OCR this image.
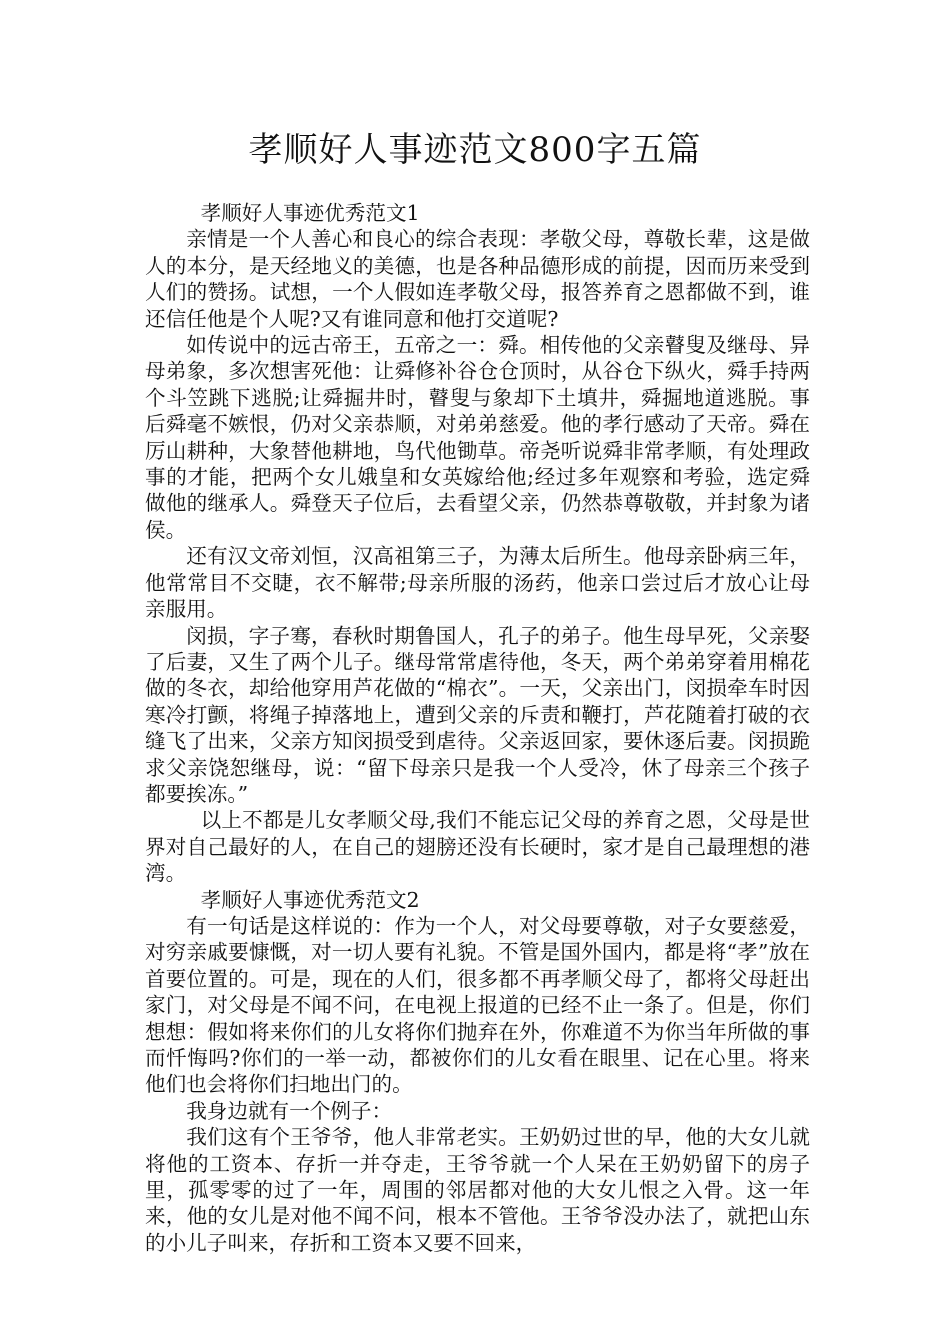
孝顺好人事迹范文800字五篇

孝顺好人事迹优秀范文1

亲情是一个人善心和良心的综合表现：孝敬父母，尊敬长辈，这是做人的本分，是天经地义的美德，也是各种品德形成的前提，因而历来受到人们的赞扬。试想，一个人假如连孝敬父母，报答养育之恩都做不到，谁还信任他是个人呢?又有谁同意和他打交道呢?

如传说中的远古帝王，五帝之一：舜。相传他的父亲瞽叟及继母、异母弟象，多次想害死他：让舜修补谷仓仓顶时，从谷仓下纵火，舜手持两个斗笠跳下逃脱;让舜掘井时，瞽叟与象却下土填井，舜掘地道逃脱。事后舜毫不嫉恨，仍对父亲恭顺，对弟弟慈爱。他的孝行感动了天帝。舜在厉山耕种，大象替他耕地，鸟代他锄草。帝尧听说舜非常孝顺，有处理政事的才能，把两个女儿娥皇和女英嫁给他;经过多年观察和考验，选定舜做他的继承人。舜登天子位后，去看望父亲，仍然恭尊敬敬，并封象为诸侯。

还有汉文帝刘恒，汉高祖第三子，为薄太后所生。他母亲卧病三年，他常常目不交睫，衣不解带;母亲所服的汤药，他亲口尝过后才放心让母亲服用。

闵损，字子骞，春秋时期鲁国人，孔子的弟子。他生母早死，父亲娶了后妻，又生了两个儿子。继母常常虐待他，冬天，两个弟弟穿着用棉花做的冬衣，却给他穿用芦花做的“棉衣”。一天，父亲出门，闵损牵车时因寒冷打颤，将绳子掉落地上，遭到父亲的斥责和鞭打，芦花随着打破的衣缝飞了出来，父亲方知闵损受到虐待。父亲返回家，要休逐后妻。闵损跪求父亲饶恕继母，说：“留下母亲只是我一个人受冷，休了母亲三个孩子都要挨冻。”

以上不都是儿女孝顺父母,我们不能忘记父母的养育之恩，父母是世界对自己最好的人，在自己的翅膀还没有长硬时，家才是自己最理想的港湾。

孝顺好人事迹优秀范文2

有一句话是这样说的：作为一个人，对父母要尊敬，对子女要慈爱，对穷亲戚要慷慨，对一切人要有礼貌。不管是国外国内，都是将“孝”放在首要位置的。可是，现在的人们，很多都不再孝顺父母了，都将父母赶出家门，对父母是不闻不问，在电视上报道的已经不止一条了。但是，你们想想：假如将来你们的儿女将你们抛弃在外，你难道不为你当年所做的事而忏悔吗?你们的一举一动，都被你们的儿女看在眼里、记在心里。将来他们也会将你们扫地出门的。

我身边就有一个例子：

我们这有个王爷爷，他人非常老实。王奶奶过世的早，他的大女儿就将他的工资本、存折一并夺走，王爷爷就一个人呆在王奶奶留下的房子里，孤零零的过了一年，周围的邻居都对他的大女儿恨之入骨。这一年来，他的女儿是对他不闻不问，根本不管他。王爷爷没办法了，就把山东的小儿子叫来，存折和工资本又要不回来，
